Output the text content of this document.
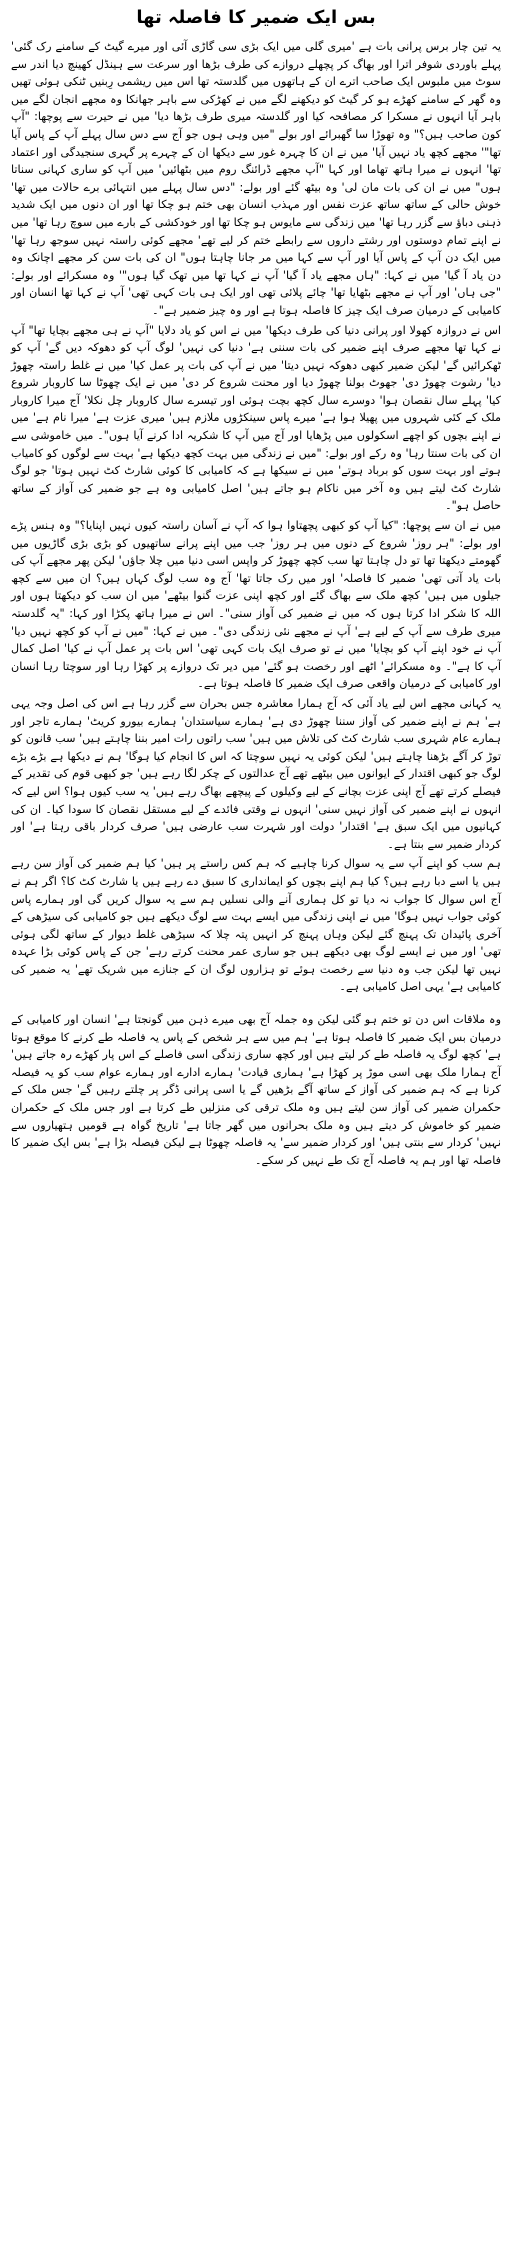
بس ایک ضمیر کا فاصلہ تھا

یہ تین چار برس پرانی بات ہے 'میری گلی میں ایک بڑی سی گاڑی آئی اور میرے گیٹ کے سامنے رک گئی' پہلے باوردی شوفر اترا اور بھاگ کر پچھلے دروازے کی طرف بڑھا اور سرعت سے ہینڈل کھینچ دیا اندر سے سوٹ میں ملبوس ایک صاحب اترے ان کے ہاتھوں میں گلدستہ تھا اس میں ریشمی رِبنیں ٹنکی ہوئی تھیں وہ گھر کے سامنے کھڑے ہو کر گیٹ کو دیکھنے لگے میں نے کھڑکی سے باہر جھانکا وہ مجھے انجان لگے میں باہر آیا انہوں نے مسکرا کر مصافحہ کیا اور گلدستہ میری طرف بڑھا دیا' میں نے حیرت سے پوچھا: "آپ کون صاحب ہیں؟" وہ تھوڑا سا گھبرائے اور بولے "میں وہی ہوں جو آج سے دس سال پہلے آپ کے پاس آیا تھا"' مجھے کچھ یاد نہیں آیا' میں نے ان کا چہرہ غور سے دیکھا ان کے چہرے پر گہری سنجیدگی اور اعتماد تھا' انہوں نے میرا ہاتھ تھاما اور کہا "آپ مجھے ڈرائنگ روم میں بٹھائیں' میں آپ کو ساری کہانی سناتا ہوں" میں نے ان کی بات مان لی' وہ بیٹھ گئے اور بولے: "دس سال پہلے میں انتہائی برے حالات میں تھا' خوش حالی کے ساتھ ساتھ عزت نفس اور مہذب انسان بھی ختم ہو چکا تھا اور ان دنوں میں ایک شدید ذہنی دباؤ سے گزر رہا تھا' میں زندگی سے مایوس ہو چکا تھا اور خودکشی کے بارے میں سوچ رہا تھا' میں نے اپنے تمام دوستوں اور رشتے داروں سے رابطے ختم کر لیے تھے' مجھے کوئی راستہ نہیں سوجھ رہا تھا' میں ایک دن آپ کے پاس آیا اور آپ سے کہا میں مر جانا چاہتا ہوں" ان کی بات سن کر مجھے اچانک وہ دن یاد آ گیا' میں نے کہا: "ہاں مجھے یاد آ گیا' آپ نے کہا تھا میں تھک گیا ہوں"' وہ مسکرائے اور بولے: "جی ہاں' اور آپ نے مجھے بٹھایا تھا' چائے پلائی تھی اور ایک ہی بات کہی تھی' آپ نے کہا تھا انسان اور کامیابی کے درمیان صرف ایک چیز کا فاصلہ ہوتا ہے اور وہ چیز ضمیر ہے"۔

اس نے دروازہ کھولا اور پرانی دنیا کی طرف دیکھا' میں نے اس کو یاد دلایا "آپ نے ہی مجھے بچایا تھا" آپ نے کہا تھا مجھے صرف اپنے ضمیر کی بات سننی ہے' دنیا کی نہیں' لوگ آپ کو دھوکہ دیں گے' آپ کو ٹھکرائیں گے' لیکن ضمیر کبھی دھوکہ نہیں دیتا' میں نے آپ کی بات پر عمل کیا' میں نے غلط راستہ چھوڑ دیا' رشوت چھوڑ دی' جھوٹ بولنا چھوڑ دیا اور محنت شروع کر دی' میں نے ایک چھوٹا سا کاروبار شروع کیا' پہلے سال نقصان ہوا' دوسرے سال کچھ بچت ہوئی اور تیسرے سال کاروبار چل نکلا' آج میرا کاروبار ملک کے کئی شہروں میں پھیلا ہوا ہے' میرے پاس سینکڑوں ملازم ہیں' میری عزت ہے' میرا نام ہے' میں نے اپنے بچوں کو اچھے اسکولوں میں پڑھایا اور آج میں آپ کا شکریہ ادا کرنے آیا ہوں"۔ میں خاموشی سے ان کی بات سنتا رہا' وہ رکے اور بولے: "میں نے زندگی میں بہت کچھ دیکھا ہے' بہت سے لوگوں کو کامیاب ہوتے اور بہت سوں کو برباد ہوتے' میں نے سیکھا ہے کہ کامیابی کا کوئی شارٹ کٹ نہیں ہوتا' جو لوگ شارٹ کٹ لیتے ہیں وہ آخر میں ناکام ہو جاتے ہیں' اصل کامیابی وہ ہے جو ضمیر کی آواز کے ساتھ حاصل ہو"۔

میں نے ان سے پوچھا: "کیا آپ کو کبھی پچھتاوا ہوا کہ آپ نے آسان راستہ کیوں نہیں اپنایا؟" وہ ہنس پڑے اور بولے: "ہر روز' شروع کے دنوں میں ہر روز' جب میں اپنے پرانے ساتھیوں کو بڑی بڑی گاڑیوں میں گھومتے دیکھتا تھا تو دل چاہتا تھا سب کچھ چھوڑ کر واپس اسی دنیا میں چلا جاؤں' لیکن پھر مجھے آپ کی بات یاد آتی تھی' ضمیر کا فاصلہ' اور میں رک جاتا تھا' آج وہ سب لوگ کہاں ہیں؟ ان میں سے کچھ جیلوں میں ہیں' کچھ ملک سے بھاگ گئے اور کچھ اپنی عزت گنوا بیٹھے' میں ان سب کو دیکھتا ہوں اور اللہ کا شکر ادا کرتا ہوں کہ میں نے ضمیر کی آواز سنی"۔ اس نے میرا ہاتھ پکڑا اور کہا: "یہ گلدستہ میری طرف سے آپ کے لیے ہے' آپ نے مجھے نئی زندگی دی"۔ میں نے کہا: "میں نے آپ کو کچھ نہیں دیا' آپ نے خود اپنے آپ کو بچایا' میں نے تو صرف ایک بات کہی تھی' اس بات پر عمل آپ نے کیا' اصل کمال آپ کا ہے"۔ وہ مسکرائے' اٹھے اور رخصت ہو گئے' میں دیر تک دروازے پر کھڑا رہا اور سوچتا رہا انسان اور کامیابی کے درمیان واقعی صرف ایک ضمیر کا فاصلہ ہوتا ہے۔

یہ کہانی مجھے اس لیے یاد آئی کہ آج ہمارا معاشرہ جس بحران سے گزر رہا ہے اس کی اصل وجہ یہی ہے' ہم نے اپنے ضمیر کی آواز سننا چھوڑ دی ہے' ہمارے سیاستدان' ہمارے بیورو کریٹ' ہمارے تاجر اور ہمارے عام شہری سب شارٹ کٹ کی تلاش میں ہیں' سب راتوں رات امیر بننا چاہتے ہیں' سب قانون کو توڑ کر آگے بڑھنا چاہتے ہیں' لیکن کوئی یہ نہیں سوچتا کہ اس کا انجام کیا ہوگا' ہم نے دیکھا ہے بڑے بڑے لوگ جو کبھی اقتدار کے ایوانوں میں بیٹھے تھے آج عدالتوں کے چکر لگا رہے ہیں' جو کبھی قوم کی تقدیر کے فیصلے کرتے تھے آج اپنی عزت بچانے کے لیے وکیلوں کے پیچھے بھاگ رہے ہیں' یہ سب کیوں ہوا؟ اس لیے کہ انہوں نے اپنے ضمیر کی آواز نہیں سنی' انہوں نے وقتی فائدے کے لیے مستقل نقصان کا سودا کیا۔ ان کی کہانیوں میں ایک سبق ہے' اقتدار' دولت اور شہرت سب عارضی ہیں' صرف کردار باقی رہتا ہے' اور کردار ضمیر سے بنتا ہے۔

ہم سب کو اپنے آپ سے یہ سوال کرنا چاہیے کہ ہم کس راستے پر ہیں' کیا ہم ضمیر کی آواز سن رہے ہیں یا اسے دبا رہے ہیں؟ کیا ہم اپنے بچوں کو ایمانداری کا سبق دے رہے ہیں یا شارٹ کٹ کا؟ اگر ہم نے آج اس سوال کا جواب نہ دیا تو کل ہماری آنے والی نسلیں ہم سے یہ سوال کریں گی اور ہمارے پاس کوئی جواب نہیں ہوگا' میں نے اپنی زندگی میں ایسے بہت سے لوگ دیکھے ہیں جو کامیابی کی سیڑھی کے آخری پائیدان تک پہنچ گئے لیکن وہاں پہنچ کر انہیں پتہ چلا کہ سیڑھی غلط دیوار کے ساتھ لگی ہوئی تھی' اور میں نے ایسے لوگ بھی دیکھے ہیں جو ساری عمر محنت کرتے رہے' جن کے پاس کوئی بڑا عہدہ نہیں تھا لیکن جب وہ دنیا سے رخصت ہوئے تو ہزاروں لوگ ان کے جنازے میں شریک تھے' یہ ضمیر کی کامیابی ہے' یہی اصل کامیابی ہے۔

وہ ملاقات اس دن تو ختم ہو گئی لیکن وہ جملہ آج بھی میرے ذہن میں گونجتا ہے' انسان اور کامیابی کے درمیان بس ایک ضمیر کا فاصلہ ہوتا ہے' ہم میں سے ہر شخص کے پاس یہ فاصلہ طے کرنے کا موقع ہوتا ہے' کچھ لوگ یہ فاصلہ طے کر لیتے ہیں اور کچھ ساری زندگی اسی فاصلے کے اس پار کھڑے رہ جاتے ہیں' آج ہمارا ملک بھی اسی موڑ پر کھڑا ہے' ہماری قیادت' ہمارے ادارے اور ہمارے عوام سب کو یہ فیصلہ کرنا ہے کہ ہم ضمیر کی آواز کے ساتھ آگے بڑھیں گے یا اسی پرانی ڈگر پر چلتے رہیں گے' جس ملک کے حکمران ضمیر کی آواز سن لیتے ہیں وہ ملک ترقی کی منزلیں طے کرتا ہے اور جس ملک کے حکمران ضمیر کو خاموش کر دیتے ہیں وہ ملک بحرانوں میں گھر جاتا ہے' تاریخ گواہ ہے قومیں ہتھیاروں سے نہیں' کردار سے بنتی ہیں' اور کردار ضمیر سے' یہ فاصلہ چھوٹا ہے لیکن فیصلہ بڑا ہے' بس ایک ضمیر کا فاصلہ تھا اور ہم یہ فاصلہ آج تک طے نہیں کر سکے۔
